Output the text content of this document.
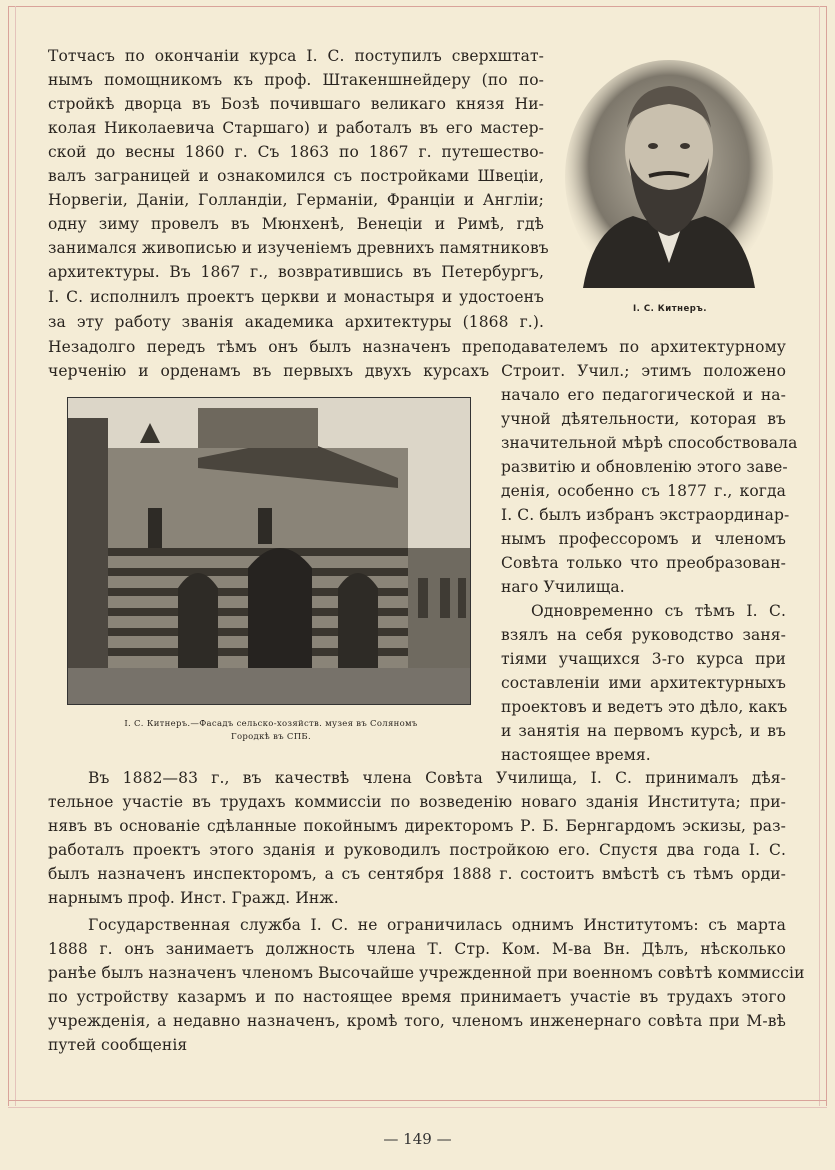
Тотчасъ по окончаніи курса І. С. поступилъ сверхштат-
нымъ помощникомъ къ проф. Штакеншнейдеру (по по-
стройкѣ дворца въ Бозѣ почившаго великаго князя Ни-
колая Николаевича Старшаго) и работалъ въ его мастер-
ской до весны 1860 г. Съ 1863 по 1867 г. путешество-
валъ заграницей и ознакомился съ постройками Швеціи,
Норвегіи, Даніи, Голландіи, Германіи, Франціи и Англіи;
одну зиму провелъ въ Мюнхенѣ, Венеціи и Римѣ, гдѣ
занимался живописью и изученіемъ древнихъ памятниковъ
архитектуры. Въ 1867 г., возвратившись въ Петербургъ,
І. С. исполнилъ проектъ церкви и монастыря и удостоенъ
за эту работу званія академика архитектуры (1868 г.).
І. С. Китнеръ.
Незадолго передъ тѣмъ онъ былъ назначенъ преподавателемъ по архитектурному
черченію и орденамъ въ первыхъ двухъ курсахъ Строит. Учил.; этимъ положено
І. С. Китнеръ.—Фасадъ сельско-хозяйств. музея въ Соляномъ
Городкѣ въ СПБ.
начало его педагогической и на-
учной дѣятельности, которая въ
значительной мѣрѣ способствовала
развитію и обновленію этого заве-
денія, особенно съ 1877 г., когда
І. С. былъ избранъ экстраординар-
нымъ профессоромъ и членомъ
Совѣта только что преобразован-
наго Училища.
Одновременно съ тѣмъ І. С.
взялъ на себя руководство заня-
тіями учащихся 3-го курса при
составленіи ими архитектурныхъ
проектовъ и ведетъ это дѣло, какъ
и занятія на первомъ курсѣ, и въ
настоящее время.
Въ 1882—83 г., въ качествѣ члена Совѣта Училища, І. С. принималъ дѣя-
тельное участіе въ трудахъ коммиссіи по возведенію новаго зданія Института; при-
нявъ въ основаніе сдѣланные покойнымъ директоромъ Р. Б. Бернгардомъ эскизы, раз-
работалъ проектъ этого зданія и руководилъ постройкою его. Спустя два года І. С.
былъ назначенъ инспекторомъ, а съ сентября 1888 г. состоитъ вмѣстѣ съ тѣмъ орди-
нарнымъ проф. Инст. Гражд. Инж.
Государственная служба І. С. не ограничилась однимъ Институтомъ: съ марта
1888 г. онъ занимаетъ должность члена Т. Стр. Ком. М-ва Вн. Дѣлъ, нѣсколько
ранѣе былъ назначенъ членомъ Высочайше учрежденной при военномъ совѣтѣ коммиссіи
по устройству казармъ и по настоящее время принимаетъ участіе въ трудахъ этого
учрежденія, а недавно назначенъ, кромѣ того, членомъ инженернаго совѣта при М-вѣ
путей сообщенія
— 149 —
